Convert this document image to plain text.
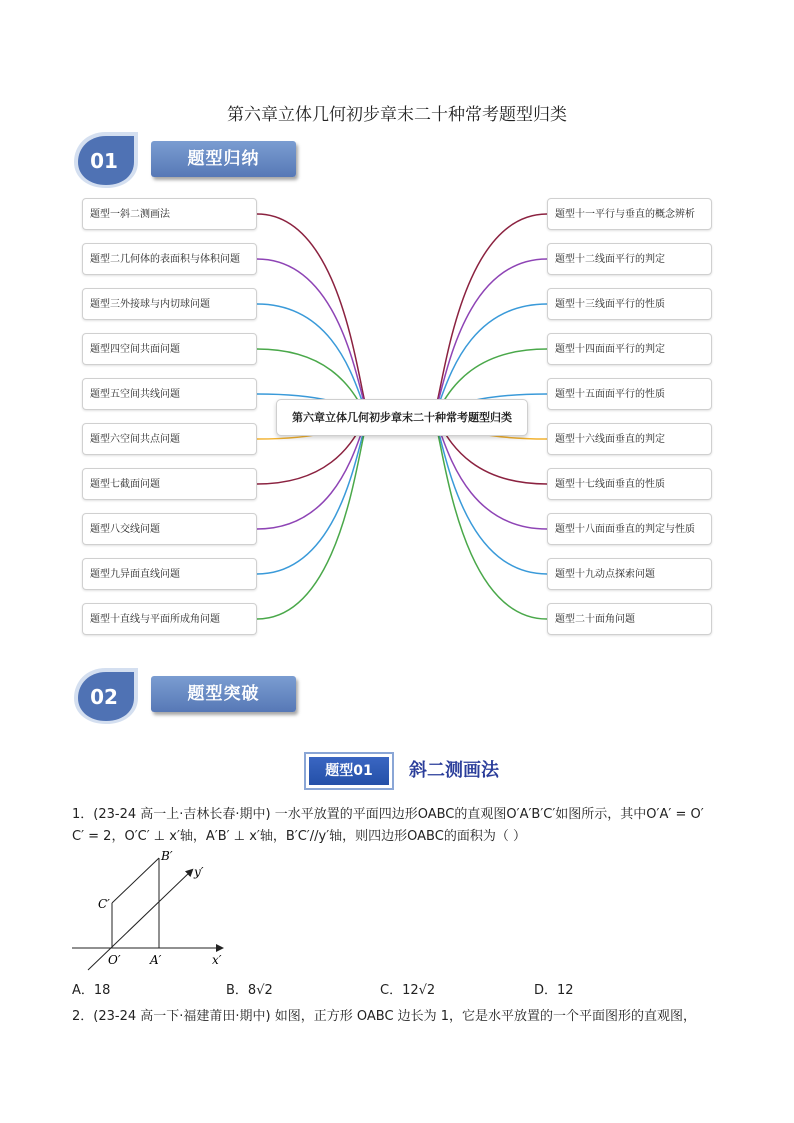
第六章立体几何初步章末二十种常考题型归类
01	题型归纳
题型一斜二测画法
题型二几何体的表面积与体积问题
题型三外接球与内切球问题
题型四空间共面问题
题型五空间共线问题
题型六空间共点问题
题型七截面问题
题型八交线问题
题型九异面直线问题
题型十直线与平面所成角问题
题型十一平行与垂直的概念辨析
题型十二线面平行的判定
题型十三线面平行的性质
题型十四面面平行的判定
题型十五面面平行的性质
题型十六线面垂直的判定
题型十七线面垂直的性质
题型十八面面垂直的判定与性质
题型十九动点探索问题
题型二十面角问题
第六章立体几何初步章末二十种常考题型归类
02	题型突破
题型01	斜二测画法
1．(23-24 高一上·吉林长春·期中) 一水平放置的平面四边形OABC的直观图O′A′B′C′如图所示，其中O′A′ = O′
C′ = 2，O′C′ ⊥ x′轴，A′B′ ⊥ x′轴，B′C′//y′轴，则四边形OABC的面积为（ ）
B′
y′
C′
O′ A′	x′
A．18	B．8√2	C．12√2	D．12
2．(23-24 高一下·福建莆田·期中) 如图，正方形 OABC 边长为 1，它是水平放置的一个平面图形的直观图，
